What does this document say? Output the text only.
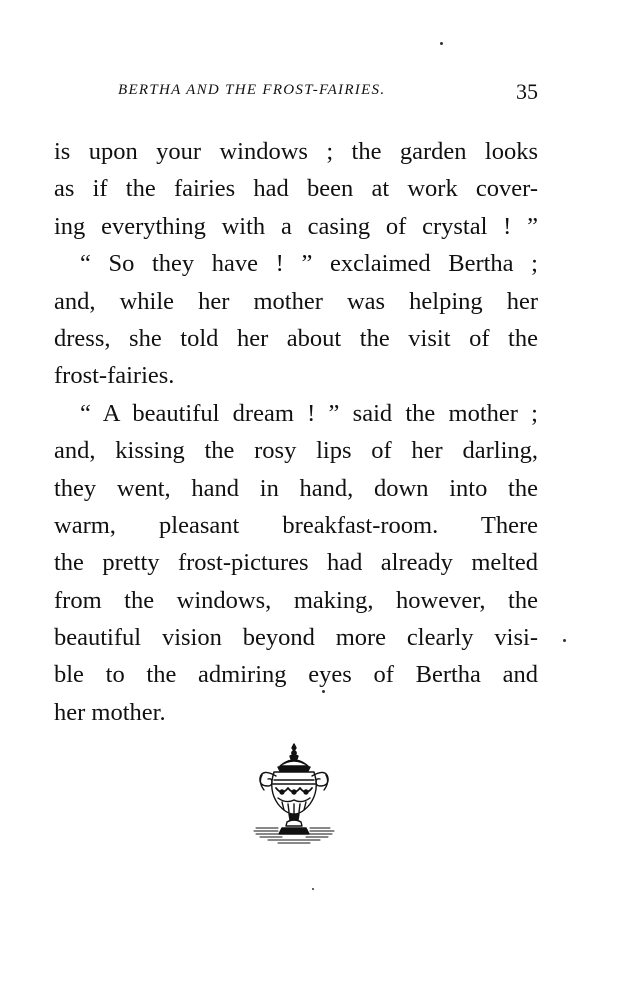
BERTHA AND THE FROST-FAIRIES.	35
is upon your windows ; the garden looks
as if the fairies had been at work cover-
ing everything with a casing of crystal ! ”
“ So they have ! ” exclaimed Bertha ;
and, while her mother was helping her
dress, she told her about the visit of the
frost-fairies.
“ A beautiful dream ! ” said the mother ;
and, kissing the rosy lips of her darling,
they went, hand in hand, down into the
warm, pleasant breakfast-room. There
the pretty frost-pictures had already melted
from the windows, making, however, the
beautiful vision beyond more clearly visi-
ble to the admiring eyes of Bertha and
her mother.
